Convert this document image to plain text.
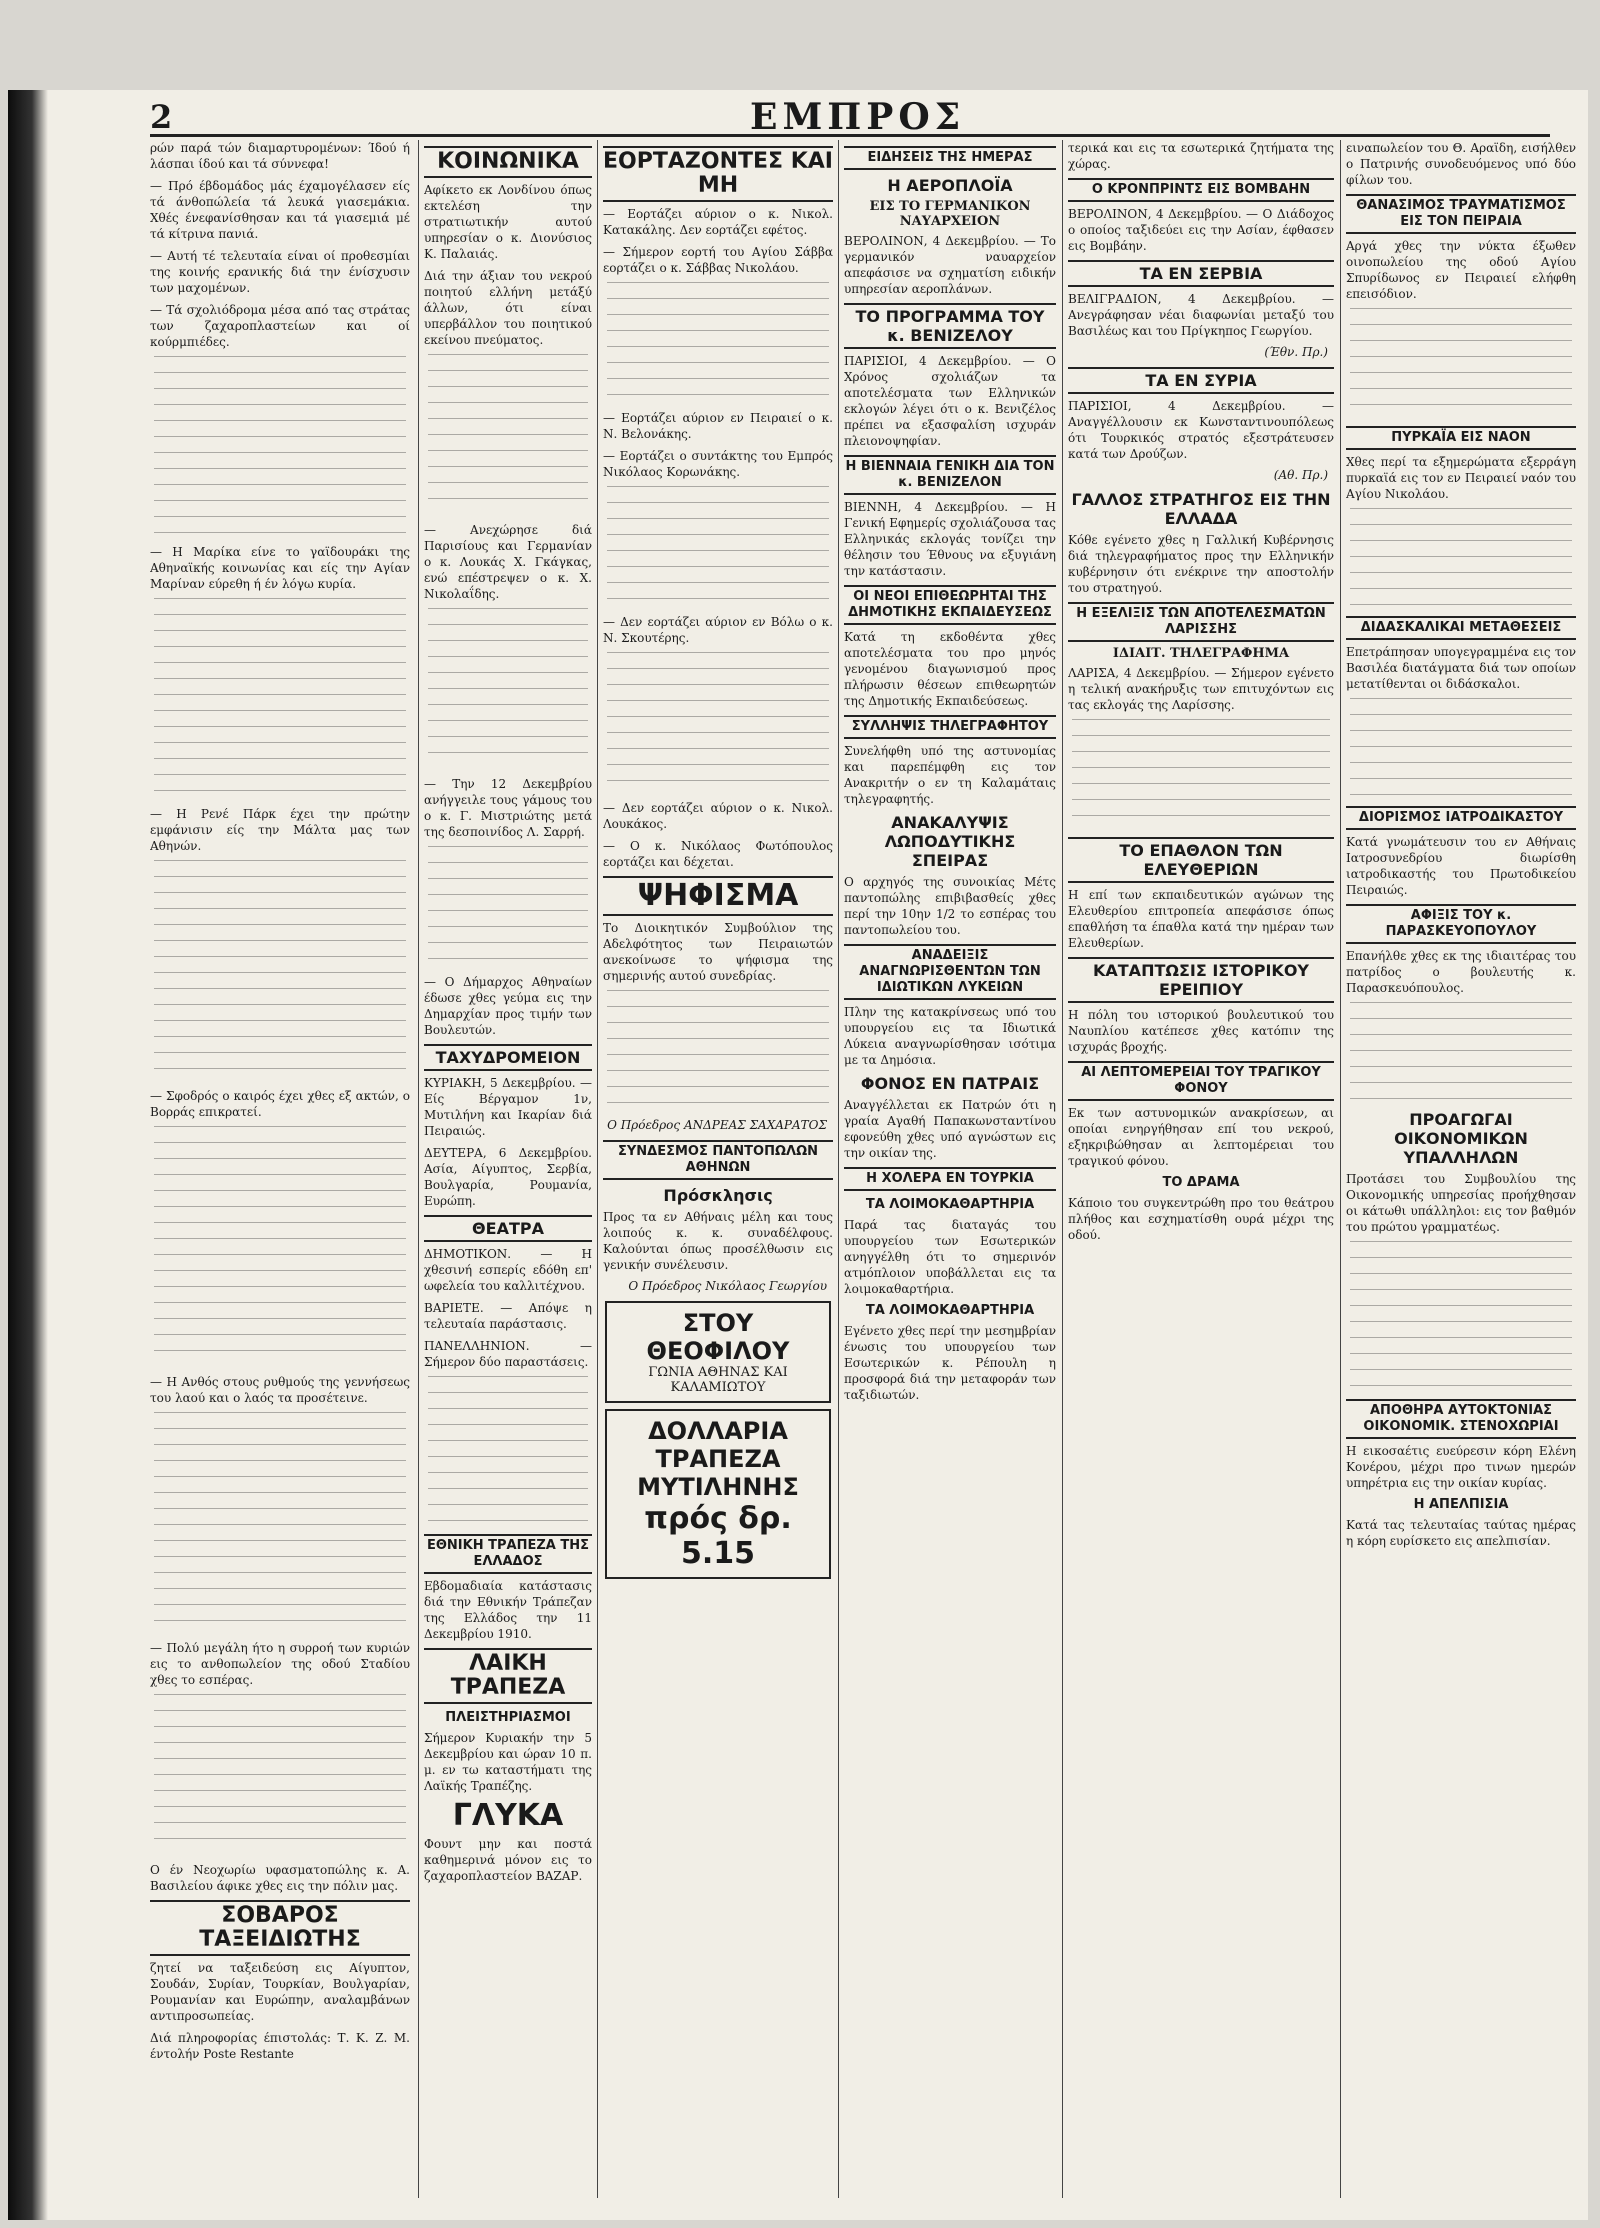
2	ΕΜΠΡΟΣ

ρών παρά τών διαμαρτυρομένων: Ίδού ή λάσπαι ίδού και τά σύννεφα!

— Πρό έβδομάδος μάς έχαμογέλασεν είς τά άνθοπώλεία τά λευκά γιασεμάκια. Χθές ένεφανίσθησαν και τά γιασεμιά μέ τά κίτρινα πανιά.

— Αυτή τέ τελευταία είναι οί προθεσμίαι της κοινής ερανικής διά την ένίσχυσιν των μαχομένων.

— Τά σχολιόδρομα μέσα από τας στράτας των ζαχαροπλαστείων και οί κούρμπιέδες.

— Η Μαρίκα είνε το γαϊδουράκι της Αθηναϊκής κοινωνίας και είς την Αγίαν Μαρίναν εύρεθη ή έν λόγω κυρία.

— Η Ρενέ Πάρκ έχει την πρώτην εμφάνισιν είς την Μάλτα μας των Αθηνών.

— Σφοδρός ο καιρός έχει χθες εξ ακτών, ο Βορράς επικρατεί.

— Η Ανθός στους ρυθμούς της γεννήσεως του λαού και ο λαός τα προσέτεινε.

— Πολύ μεγάλη ήτο η συρροή των κυριών εις το ανθοπωλείον της οδού Σταδίου χθες το εσπέρας.

Ο έν Νεοχωρίω υφασματοπώλης κ. Α. Βασιλείου άφικε χθες εις την πόλιν μας.

ΣΟΒΑΡΟΣ ΤΑΞΕΙΔΙΩΤΗΣ

ζητεί να ταξειδεύση εις Αίγυπτον, Σουδάν, Συρίαν, Τουρκίαν, Βουλγαρίαν, Ρουμανίαν και Ευρώπην, αναλαμβάνων αντιπροσωπείας.

Διά πληροφορίας έπιστολάς: Τ. Κ. Ζ. Μ. έντολήν Poste Restante

ΚΟΙΝΩΝΙΚΑ

Αφίκετο εκ Λονδίνου όπως εκτελέση την στρατιωτικήν αυτού υπηρεσίαν ο κ. Διονύσιος Κ. Παλαιάς.

Διά την άξιαν του νεκρού ποιητού ελλήνη μετάξύ άλλων, ότι είναι υπερβάλλον του ποιητικού εκείνου πνεύματος.

— Ανεχώρησε διά Παρισίους και Γερμανίαν ο κ. Λουκάς Χ. Γκάγκας, ενώ επέστρεψεν ο κ. Χ. Νικολαΐδης.

— Την 12 Δεκεμβρίου ανήγγειλε τους γάμους του ο κ. Γ. Μιστριώτης μετά της δεσποινίδος Λ. Σαρρή.

— Ο Δήμαρχος Αθηναίων έδωσε χθες γεύμα εις την Δημαρχίαν προς τιμήν των Βουλευτών.

ΤΑΧΥΔΡΟΜΕΙΟΝ

ΚΥΡΙΑΚΗ, 5 Δεκεμβρίου. — Είς Βέργαμον 1ν, Μυτιλήνη και Ικαρίαν διά Πειραιώς.

ΔΕΥΤΕΡΑ, 6 Δεκεμβρίου. Ασία, Αίγυπτος, Σερβία, Βουλγαρία, Ρουμανία, Ευρώπη.

ΘΕΑΤΡΑ

ΔΗΜΟΤΙΚΟΝ. — Η χθεσινή εσπερίς εδόθη επ' ωφελεία του καλλιτέχνου.

ΒΑΡΙΕΤΕ. — Απόψε η τελευταία παράστασις.

ΠΑΝΕΛΛΗΝΙΟΝ. — Σήμερον δύο παραστάσεις.

ΕΘΝΙΚΗ ΤΡΑΠΕΖΑ ΤΗΣ ΕΛΛΑΔΟΣ

Εβδομαδιαία κατάστασις διά την Εθνικήν Τράπεζαν της Ελλάδος την 11 Δεκεμβρίου 1910.

ΛΑΙΚΗ ΤΡΑΠΕΖΑ
ΠΛΕΙΣΤΗΡΙΑΣΜΟΙ

Σήμερον Κυριακήν την 5 Δεκεμβρίου και ώραν 10 π. μ. εν τω καταστήματι της Λαϊκής Τραπέζης.

ΓΛΥΚΑ

Φουντ μην και ποστά καθημερινά μόνον εις το ζαχαροπλαστείον ΒΑΖΑΡ.

ΕΟΡΤΑΖΟΝΤΕΣ ΚΑΙ ΜΗ

— Εορτάζει αύριον ο κ. Νικολ. Κατακάλης. Δεν εορτάζει εφέτος.

— Σήμερον εορτή του Αγίου Σάββα εορτάζει ο κ. Σάββας Νικολάου.

— Εορτάζει αύριον εν Πειραιεί ο κ. Ν. Βελονάκης.

— Εορτάζει ο συντάκτης του Εμπρός Νικόλαος Κορωνάκης.

— Δεν εορτάζει αύριον εν Βόλω ο κ. Ν. Σκουτέρης.

— Δεν εορτάζει αύριον ο κ. Νικολ. Λουκάκος.

— Ο κ. Νικόλαος Φωτόπουλος εορτάζει και δέχεται.

ΨΗΦΙΣΜΑ

Το Διοικητικόν Συμβούλιον της Αδελφότητος των Πειραιωτών ανεκοίνωσε το ψήφισμα της σημερινής αυτού συνεδρίας.

Ο Πρόεδρος ΑΝΔΡΕΑΣ ΣΑΧΑΡΑΤΟΣ

ΣΥΝΔΕΣΜΟΣ ΠΑΝΤΟΠΩΛΩΝ ΑΘΗΝΩΝ
Πρόσκλησις

Προς τα εν Αθήναις μέλη και τους λοιπούς κ. κ. συναδέλφους. Καλούνται όπως προσέλθωσιν εις γενικήν συνέλευσιν.

Ο Πρόεδρος Νικόλαος Γεωργίου

ΣΤΟΥ ΘΕΟΦΙΛΟΥ
ΓΩΝΙΑ ΑΘΗΝΑΣ ΚΑΙ ΚΑΛΑΜΙΩΤΟΥ
ΔΟΛΛΑΡΙΑ
ΤΡΑΠΕΖΑ ΜΥΤΙΛΗΝΗΣ
πρός δρ. 5.15
ΕΙΔΗΣΕΙΣ ΤΗΣ ΗΜΕΡΑΣ
Η ΑΕΡΟΠΛΟΪΑ
ΕΙΣ ΤΟ ΓΕΡΜΑΝΙΚΟΝ ΝΑΥΑΡΧΕΙΟΝ

ΒΕΡΟΛΙΝΟΝ, 4 Δεκεμβρίου. — Το γερμανικόν ναυαρχείον απεφάσισε να σχηματίση ειδικήν υπηρεσίαν αεροπλάνων.

ΤΟ ΠΡΟΓΡΑΜΜΑ ΤΟΥ κ. ΒΕΝΙΖΕΛΟΥ

ΠΑΡΙΣΙΟΙ, 4 Δεκεμβρίου. — Ο Χρόνος σχολιάζων τα αποτελέσματα των Ελληνικών εκλογών λέγει ότι ο κ. Βενιζέλος πρέπει να εξασφαλίση ισχυράν πλειονοψηφίαν.

Η ΒΙΕΝΝΑΙΑ ΓΕΝΙΚΗ ΔΙΑ ΤΟΝ κ. ΒΕΝΙΖΕΛΟΝ

ΒΙΕΝΝΗ, 4 Δεκεμβρίου. — Η Γενική Εφημερίς σχολιάζουσα τας Ελληνικάς εκλογάς τονίζει την θέλησιν του Έθνους να εξυγιάνη την κατάστασιν.

ΟΙ ΝΕΟΙ ΕΠΙΘΕΩΡΗΤΑΙ ΤΗΣ ΔΗΜΟΤΙΚΗΣ ΕΚΠΑΙΔΕΥΣΕΩΣ

Κατά τη εκδοθέντα χθες αποτελέσματα του προ μηνός γενομένου διαγωνισμού προς πλήρωσιν θέσεων επιθεωρητών της Δημοτικής Εκπαιδεύσεως.

ΣΥΛΛΗΨΙΣ ΤΗΛΕΓΡΑΦΗΤΟΥ

Συνελήφθη υπό της αστυνομίας και παρεπέμφθη εις τον Ανακριτήν ο εν τη Καλαμάταις τηλεγραφητής.

ΑΝΑΚΑΛΥΨΙΣ ΛΩΠΟΔΥΤΙΚΗΣ ΣΠΕΙΡΑΣ

Ο αρχηγός της συνοικίας Μέτς παντοπώλης επιβιβασθείς χθες περί την 10ην 1/2 το εσπέρας του παντοπωλείου του.

ΑΝΑΔΕΙΞΙΣ ΑΝΑΓΝΩΡΙΣΘΕΝΤΩΝ ΤΩΝ ΙΔΙΩΤΙΚΩΝ ΛΥΚΕΙΩΝ

Πλην της κατακρίνσεως υπό του υπουργείου εις τα Ιδιωτικά Λύκεια αναγνωρίσθησαν ισότιμα με τα Δημόσια.

ΦΟΝΟΣ ΕΝ ΠΑΤΡΑΙΣ

Αναγγέλλεται εκ Πατρών ότι η γραία Αγαθή Παπακωνσταντίνου εφονεύθη χθες υπό αγνώστων εις την οικίαν της.

Η ΧΟΛΕΡΑ ΕΝ ΤΟΥΡΚΙΑ
ΤΑ ΛΟΙΜΟΚΑΘΑΡΤΗΡΙΑ

Παρά τας διαταγάς του υπουργείου των Εσωτερικών ανηγγέλθη ότι το σημερινόν ατμόπλοιον υποβάλλεται εις τα λοιμοκαθαρτήρια.

ΤΑ ΛΟΙΜΟΚΑΘΑΡΤΗΡΙΑ

Εγένετο χθες περί την μεσημβρίαν ένωσις του υπουργείου των Εσωτερικών κ. Ρέπουλη η προσφορά διά την μεταφοράν των ταξιδιωτών.

τερικά και εις τα εσωτερικά ζητήματα της χώρας.

Ο ΚΡΟΝΠΡΙΝΤΣ ΕΙΣ ΒΟΜΒΑΗΝ

ΒΕΡΟΛΙΝΟΝ, 4 Δεκεμβρίου. — Ο Διάδοχος ο οποίος ταξιδεύει εις την Ασίαν, έφθασεν εις Βομβάην.

ΤΑ ΕΝ ΣΕΡΒΙΑ

ΒΕΛΙΓΡΑΔΙΟΝ, 4 Δεκεμβρίου. — Ανεγράφησαν νέαι διαφωνίαι μεταξύ του Βασιλέως και του Πρίγκηπος Γεωργίου.

(Έθν. Πρ.)

ΤΑ ΕΝ ΣΥΡΙΑ

ΠΑΡΙΣΙΟΙ, 4 Δεκεμβρίου. — Αναγγέλλουσιν εκ Κωνσταντινουπόλεως ότι Τουρκικός στρατός εξεστράτευσεν κατά των Δρούζων.

(Αθ. Πρ.)

ΓΑΛΛΟΣ ΣΤΡΑΤΗΓΟΣ ΕΙΣ ΤΗΝ ΕΛΛΑΔΑ

Κόθε εγένετο χθες η Γαλλική Κυβέρνησις διά τηλεγραφήματος προς την Ελληνικήν κυβέρνησιν ότι ενέκρινε την αποστολήν του στρατηγού.

Η ΕΞΕΛΙΞΙΣ ΤΩΝ ΑΠΟΤΕΛΕΣΜΑΤΩΝ ΛΑΡΙΣΣΗΣ
ΙΔΙΑΙΤ. ΤΗΛΕΓΡΑΦΗΜΑ

ΛΑΡΙΣΑ, 4 Δεκεμβρίου. — Σήμερον εγένετο η τελική ανακήρυξις των επιτυχόντων εις τας εκλογάς της Λαρίσσης.

ΤΟ ΕΠΑΘΛΟΝ ΤΩΝ ΕΛΕΥΘΕΡΙΩΝ

Η επί των εκπαιδευτικών αγώνων της Ελευθερίου επιτροπεία απεφάσισε όπως επαθλήση τα έπαθλα κατά την ημέραν των Ελευθερίων.

ΚΑΤΑΠΤΩΣΙΣ ΙΣΤΟΡΙΚΟΥ ΕΡΕΙΠΙΟΥ

Η πόλη του ιστορικού βουλευτικού του Ναυπλίου κατέπεσε χθες κατόπιν της ισχυράς βροχής.

ΑΙ ΛΕΠΤΟΜΕΡΕΙΑΙ ΤΟΥ ΤΡΑΓΙΚΟΥ ΦΟΝΟΥ

Εκ των αστυνομικών ανακρίσεων, αι οποίαι ενηργήθησαν επί του νεκρού, εξηκριβώθησαν αι λεπτομέρειαι του τραγικού φόνου.

ΤΟ ΔΡΑΜΑ

Κάποιο του συγκεντρώθη προ του θεάτρου πλήθος και εσχηματίσθη ουρά μέχρι της οδού.

ειναπωλείον του Θ. Αραϊδη, εισήλθεν ο Πατρινής συνοδευόμενος υπό δύο φίλων του.

ΘΑΝΑΣΙΜΟΣ ΤΡΑΥΜΑΤΙΣΜΟΣ ΕΙΣ ΤΟΝ ΠΕΙΡΑΙΑ

Αργά χθες την νύκτα έξωθεν οινοπωλείου της οδού Αγίου Σπυρίδωνος εν Πειραιεί ελήφθη επεισόδιον.

ΠΥΡΚΑΪΑ ΕΙΣ ΝΑΟΝ

Χθες περί τα εξημερώματα εξερράγη πυρκαϊά εις τον εν Πειραιεί ναόν του Αγίου Νικολάου.

ΔΙΔΑΣΚΑΛΙΚΑΙ ΜΕΤΑΘΕΣΕΙΣ

Επετράπησαν υπογεγραμμένα εις τον Βασιλέα διατάγματα διά των οποίων μετατίθενται οι διδάσκαλοι.

ΔΙΟΡΙΣΜΟΣ ΙΑΤΡΟΔΙΚΑΣΤΟΥ

Κατά γνωμάτευσιν του εν Αθήναις Ιατροσυνεδρίου διωρίσθη ιατροδικαστής του Πρωτοδικείου Πειραιώς.

ΑΦΙΞΙΣ ΤΟΥ κ. ΠΑΡΑΣΚΕΥΟΠΟΥΛΟΥ

Επανήλθε χθες εκ της ιδιαιτέρας του πατρίδος ο βουλευτής κ. Παρασκευόπουλος.

ΠΡΟΑΓΩΓΑΙ ΟΙΚΟΝΟΜΙΚΩΝ ΥΠΑΛΛΗΛΩΝ

Προτάσει του Συμβουλίου της Οικονομικής υπηρεσίας προήχθησαν οι κάτωθι υπάλληλοι: εις τον βαθμόν του πρώτου γραμματέως.

ΑΠΟΘΗΡΑ ΑΥΤΟΚΤΟΝΙΑΣ ΟΙΚΟΝΟΜΙΚ. ΣΤΕΝΟΧΩΡΙΑΙ

Η εικοσαέτις ευεύρεσιν κόρη Ελένη Κονέρου, μέχρι προ τινων ημερών υπηρέτρια εις την οικίαν κυρίας.

Η ΑΠΕΛΠΙΣΙΑ

Κατά τας τελευταίας ταύτας ημέρας η κόρη ευρίσκετο εις απελπισίαν.
